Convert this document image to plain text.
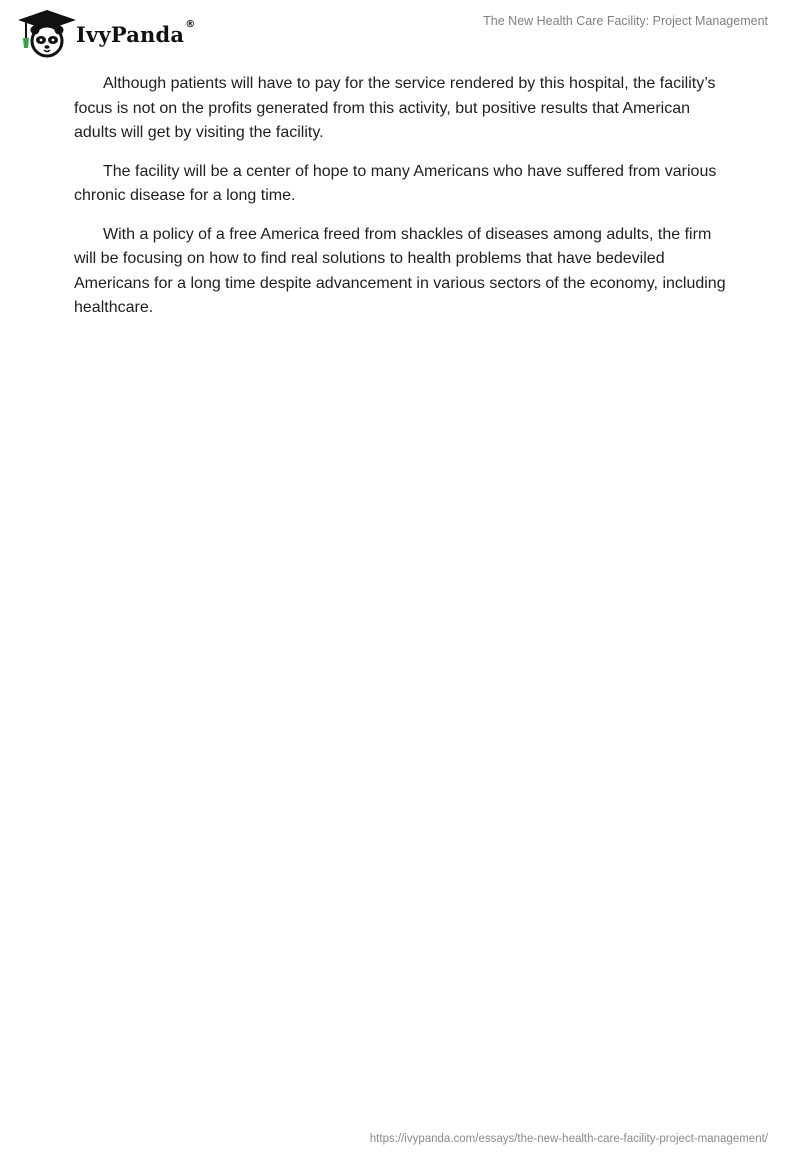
IvyPanda ®	The New Health Care Facility: Project Management

Although patients will have to pay for the service rendered by this hospital, the facility’s focus is not on the profits generated from this activity, but positive results that American adults will get by visiting the facility.

The facility will be a center of hope to many Americans who have suffered from various chronic disease for a long time.

With a policy of a free America freed from shackles of diseases among adults, the firm will be focusing on how to find real solutions to health problems that have bedeviled Americans for a long time despite advancement in various sectors of the economy, including healthcare.

https://ivypanda.com/essays/the-new-health-care-facility-project-management/
